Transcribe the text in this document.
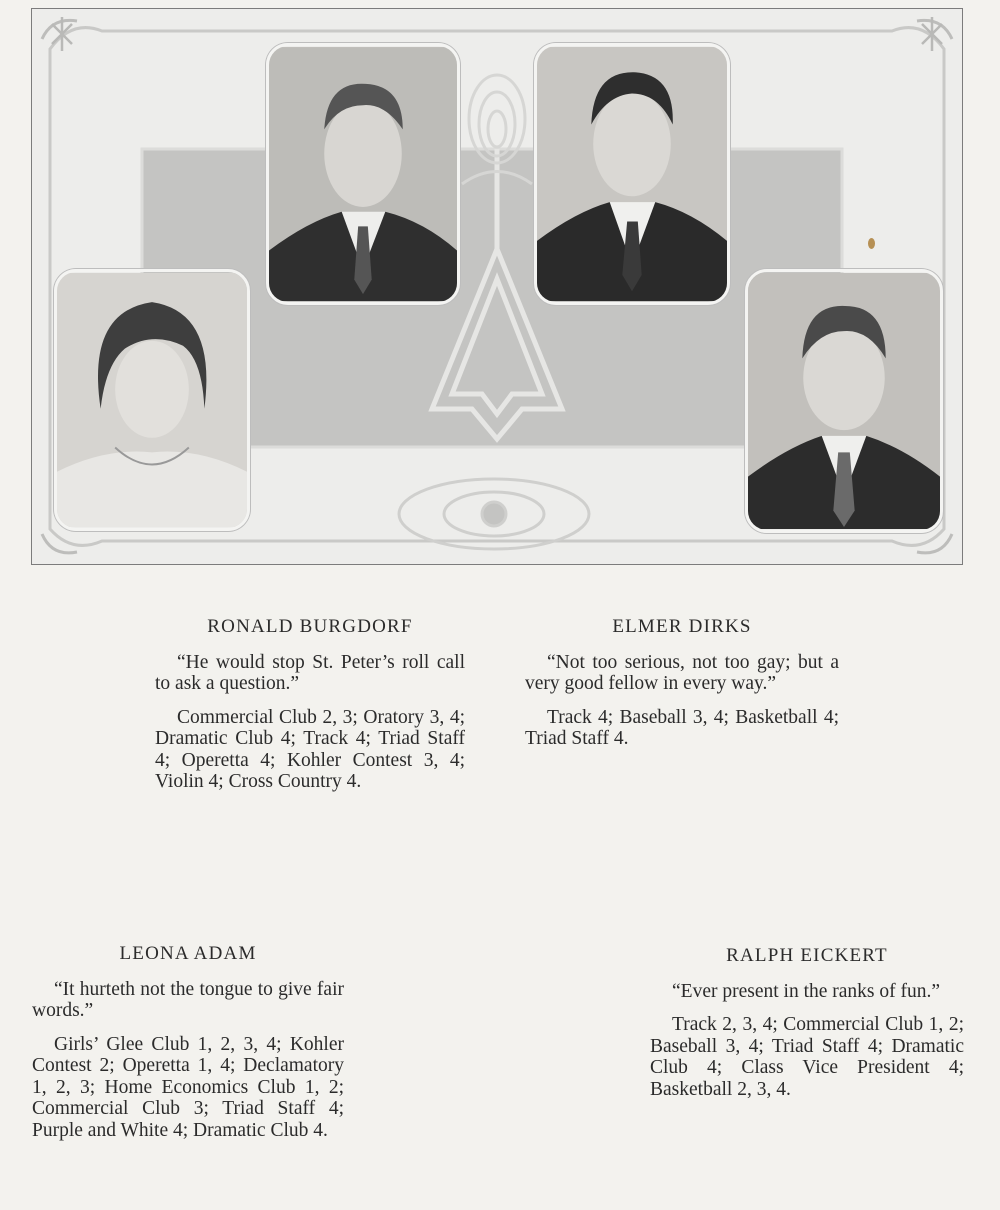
RONALD BURGDORF
“He would stop St. Peter’s roll call to ask a question.”
Commercial Club 2, 3; Oratory 3, 4; Dramatic Club 4; Track 4; Triad Staff 4; Operetta 4; Kohler Contest 3, 4; Violin 4; Cross Country 4.
ELMER DIRKS
“Not too serious, not too gay; but a very good fellow in every way.”
Track 4; Baseball 3, 4; Basketball 4; Triad Staff 4.
LEONA ADAM
“It hurteth not the tongue to give fair words.”
Girls’ Glee Club 1, 2, 3, 4; Kohler Contest 2; Operetta 1, 4; Declamatory 1, 2, 3; Home Economics Club 1, 2; Commercial Club 3; Triad Staff 4; Purple and White 4; Dramatic Club 4.
RALPH EICKERT
“Ever present in the ranks of fun.”
Track 2, 3, 4; Commercial Club 1, 2; Baseball 3, 4; Triad Staff 4; Dramatic Club 4; Class Vice President 4; Basketball 2, 3, 4.
